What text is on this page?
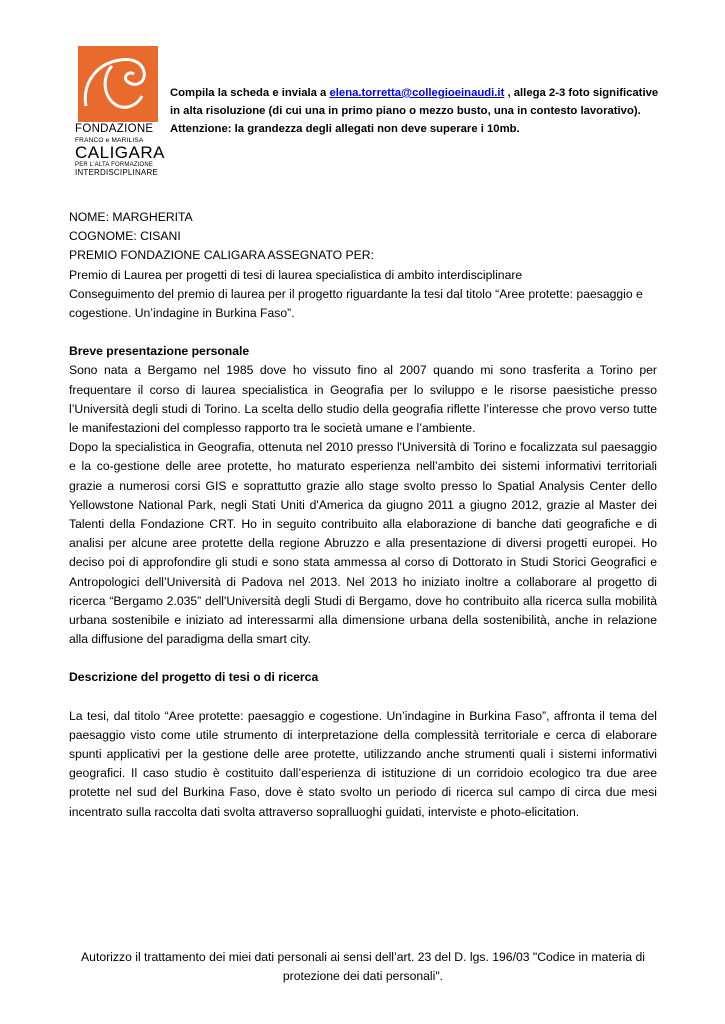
FONDAZIONE
FRANCO e MARILISA
CALIGARA
PER L'ALTA FORMAZIONE
INTERDISCIPLINARE
Compila la scheda e inviala a elena.torretta@collegioeinaudi.it , allega 2-3 foto significative in alta risoluzione (di cui una in primo piano o mezzo busto, una in contesto lavorativo).
Attenzione: la grandezza degli allegati non deve superare i 10mb.

NOME: MARGHERITA

COGNOME: CISANI

PREMIO FONDAZIONE CALIGARA ASSEGNATO PER:

Premio di Laurea per progetti di tesi di laurea specialistica di ambito interdisciplinare

Conseguimento del premio di laurea per il progetto riguardante la tesi dal titolo “Aree protette: paesaggio e cogestione. Un’indagine in Burkina Faso”.

Breve presentazione personale

Sono nata a Bergamo nel 1985 dove ho vissuto fino al 2007 quando mi sono trasferita a Torino per frequentare il corso di laurea specialistica in Geografia per lo sviluppo e le risorse paesistiche presso l’Università degli studi di Torino. La scelta dello studio della geografia riflette l’interesse che provo verso tutte le manifestazioni del complesso rapporto tra le società umane e l’ambiente.

Dopo la specialistica in Geografia, ottenuta nel 2010 presso l'Università di Torino e focalizzata sul paesaggio e la co-gestione delle aree protette, ho maturato esperienza nell’ambito dei sistemi informativi territoriali grazie a numerosi corsi GIS e soprattutto grazie allo stage svolto presso lo Spatial Analysis Center dello Yellowstone National Park, negli Stati Uniti d'America da giugno 2011 a giugno 2012, grazie al Master dei Talenti della Fondazione CRT. Ho in seguito contribuito alla elaborazione di banche dati geografiche e di analisi per alcune aree protette della regione Abruzzo e alla presentazione di diversi progetti europei. Ho deciso poi di approfondire gli studi e sono stata ammessa al corso di Dottorato in Studi Storici Geografici e Antropologici dell’Università di Padova nel 2013. Nel 2013 ho iniziato inoltre a collaborare al progetto di ricerca “Bergamo 2.035” dell'Università degli Studi di Bergamo, dove ho contribuito alla ricerca sulla mobilità urbana sostenibile e iniziato ad interessarmi alla dimensione urbana della sostenibilità, anche in relazione alla diffusione del paradigma della smart city.

Descrizione del progetto di tesi o di ricerca

La tesi, dal titolo “Aree protette: paesaggio e cogestione. Un’indagine in Burkina Faso”, affronta il tema del paesaggio visto come utile strumento di interpretazione della complessità territoriale e cerca di elaborare spunti applicativi per la gestione delle aree protette, utilizzando anche strumenti quali i sistemi informativi geografici. Il caso studio è costituito dall’esperienza di istituzione di un corridoio ecologico tra due aree protette nel sud del Burkina Faso, dove è stato svolto un periodo di ricerca sul campo di circa due mesi incentrato sulla raccolta dati svolta attraverso sopralluoghi guidati, interviste e photo-elicitation.

Autorizzo il trattamento dei miei dati personali ai sensi dell’art. 23 del D. lgs. 196/03 "Codice in materia di protezione dei dati personali".
